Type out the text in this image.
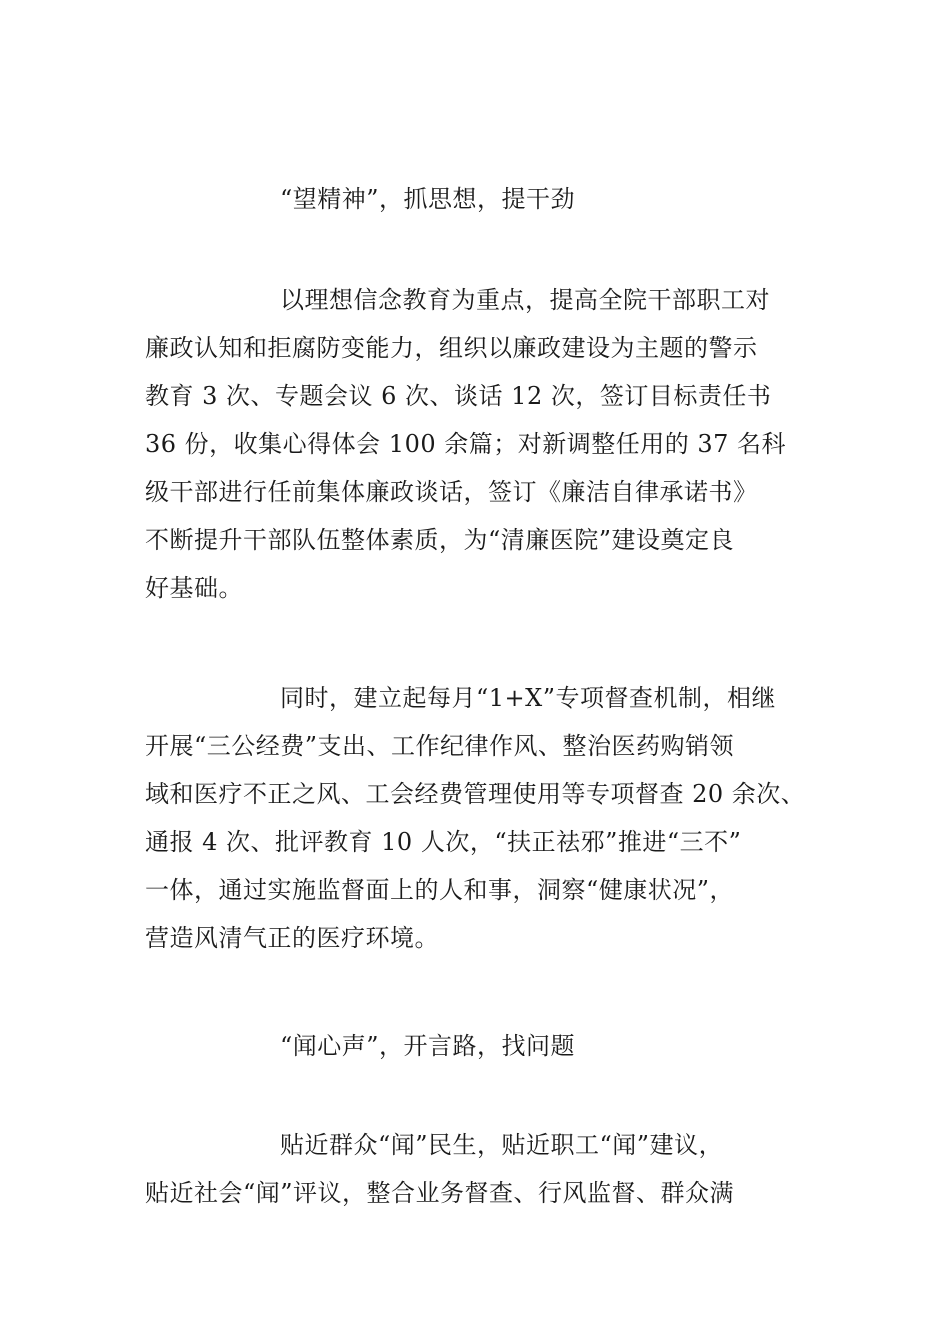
“望精神”，抓思想，提干劲
以理想信念教育为重点，提高全院干部职工对
廉政认知和拒腐防变能力，组织以廉政建设为主题的警示
教育 3 次、专题会议 6 次、谈话 12 次，签订目标责任书
36 份，收集心得体会 100 余篇；对新调整任用的 37 名科
级干部进行任前集体廉政谈话，签订《廉洁自律承诺书》
不断提升干部队伍整体素质，为“清廉医院”建设奠定良
好基础。
同时，建立起每月“1+X”专项督查机制，相继
开展“三公经费”支出、工作纪律作风、整治医药购销领
域和医疗不正之风、工会经费管理使用等专项督查 20 余次、
通报 4 次、批评教育 10 人次，“扶正祛邪”推进“三不”
一体，通过实施监督面上的人和事，洞察“健康状况”，
营造风清气正的医疗环境。
“闻心声”，开言路，找问题
贴近群众“闻”民生，贴近职工“闻”建议，
贴近社会“闻”评议，整合业务督查、行风监督、群众满
